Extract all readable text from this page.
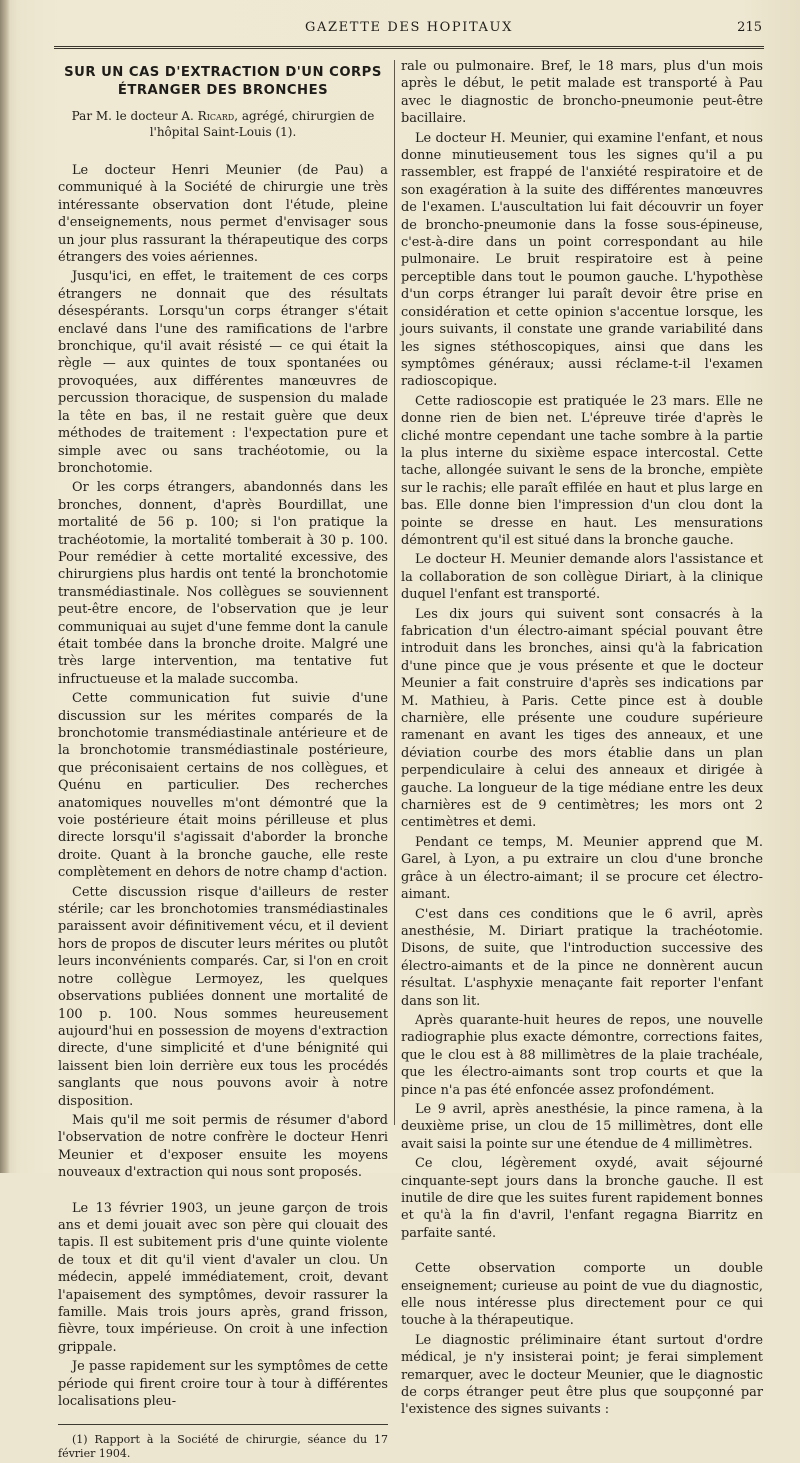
GAZETTE DES HOPITAUX	215
SUR UN CAS D'EXTRACTION D'UN CORPS ÉTRANGER DES BRONCHES
Par M. le docteur A. Ricard, agrégé, chirurgien de l'hôpital Saint-Louis (1).

Le docteur Henri Meunier (de Pau) a communiqué à la Société de chirurgie une très intéressante observation dont l'étude, pleine d'enseignements, nous permet d'envisager sous un jour plus rassurant la thérapeutique des corps étrangers des voies aériennes.

Jusqu'ici, en effet, le traitement de ces corps étrangers ne donnait que des résultats désespérants. Lorsqu'un corps étranger s'était enclavé dans l'une des ramifications de l'arbre bronchique, qu'il avait résisté — ce qui était la règle — aux quintes de toux spontanées ou provoquées, aux différentes manœuvres de percussion thoracique, de suspension du malade la tête en bas, il ne restait guère que deux méthodes de traitement : l'expectation pure et simple avec ou sans trachéotomie, ou la bronchotomie.

Or les corps étrangers, abandonnés dans les bronches, donnent, d'après Bourdillat, une mortalité de 56 p. 100; si l'on pratique la trachéotomie, la mortalité tomberait à 30 p. 100. Pour remédier à cette mortalité excessive, des chirurgiens plus hardis ont tenté la bronchotomie transmédiastinale. Nos collègues se souviennent peut-être encore, de l'observation que je leur communiquai au sujet d'une femme dont la canule était tombée dans la bronche droite. Malgré une très large intervention, ma tentative fut infructueuse et la malade succomba.

Cette communication fut suivie d'une discussion sur les mérites comparés de la bronchotomie transmédiastinale antérieure et de la bronchotomie transmédiastinale postérieure, que préconisaient certains de nos collègues, et Quénu en particulier. Des recherches anatomiques nouvelles m'ont démontré que la voie postérieure était moins périlleuse et plus directe lorsqu'il s'agissait d'aborder la bronche droite. Quant à la bronche gauche, elle reste complètement en dehors de notre champ d'action.

Cette discussion risque d'ailleurs de rester stérile; car les bronchotomies transmédiastinales paraissent avoir définitivement vécu, et il devient hors de propos de discuter leurs mérites ou plutôt leurs inconvénients comparés. Car, si l'on en croit notre collègue Lermoyez, les quelques observations publiées donnent une mortalité de 100 p. 100. Nous sommes heureusement aujourd'hui en possession de moyens d'extraction directe, d'une simplicité et d'une bénignité qui laissent bien loin derrière eux tous les procédés sanglants que nous pouvons avoir à notre disposition.

Mais qu'il me soit permis de résumer d'abord l'observation de notre confrère le docteur Henri Meunier et d'exposer ensuite les moyens nouveaux d'extraction qui nous sont proposés.

Le 13 février 1903, un jeune garçon de trois ans et demi jouait avec son père qui clouait des tapis. Il est subitement pris d'une quinte violente de toux et dit qu'il vient d'avaler un clou. Un médecin, appelé immédiatement, croit, devant l'apaisement des symptômes, devoir rassurer la famille. Mais trois jours après, grand frisson, fièvre, toux impérieuse. On croit à une infection grippale.

Je passe rapidement sur les symptômes de cette période qui firent croire tour à tour à différentes localisations pleu-

(1) Rapport à la Société de chirurgie, séance du 17 février 1904.

rale ou pulmonaire. Bref, le 18 mars, plus d'un mois après le début, le petit malade est transporté à Pau avec le diagnostic de broncho-pneumonie peut-être bacillaire.

Le docteur H. Meunier, qui examine l'enfant, et nous donne minutieusement tous les signes qu'il a pu rassembler, est frappé de l'anxiété respiratoire et de son exagération à la suite des différentes manœuvres de l'examen. L'auscultation lui fait découvrir un foyer de broncho-pneumonie dans la fosse sous-épineuse, c'est-à-dire dans un point correspondant au hile pulmonaire. Le bruit respiratoire est à peine perceptible dans tout le poumon gauche. L'hypothèse d'un corps étranger lui paraît devoir être prise en considération et cette opinion s'accentue lorsque, les jours suivants, il constate une grande variabilité dans les signes stéthoscopiques, ainsi que dans les symptômes généraux; aussi réclame-t-il l'examen radioscopique.

Cette radioscopie est pratiquée le 23 mars. Elle ne donne rien de bien net. L'épreuve tirée d'après le cliché montre cependant une tache sombre à la partie la plus interne du sixième espace intercostal. Cette tache, allongée suivant le sens de la bronche, empiète sur le rachis; elle paraît effilée en haut et plus large en bas. Elle donne bien l'impression d'un clou dont la pointe se dresse en haut. Les mensurations démontrent qu'il est situé dans la bronche gauche.

Le docteur H. Meunier demande alors l'assistance et la collaboration de son collègue Diriart, à la clinique duquel l'enfant est transporté.

Les dix jours qui suivent sont consacrés à la fabrication d'un électro-aimant spécial pouvant être introduit dans les bronches, ainsi qu'à la fabrication d'une pince que je vous présente et que le docteur Meunier a fait construire d'après ses indications par M. Mathieu, à Paris. Cette pince est à double charnière, elle présente une coudure supérieure ramenant en avant les tiges des anneaux, et une déviation courbe des mors établie dans un plan perpendiculaire à celui des anneaux et dirigée à gauche. La longueur de la tige médiane entre les deux charnières est de 9 centimètres; les mors ont 2 centimètres et demi.

Pendant ce temps, M. Meunier apprend que M. Garel, à Lyon, a pu extraire un clou d'une bronche grâce à un électro-aimant; il se procure cet électro-aimant.

C'est dans ces conditions que le 6 avril, après anesthésie, M. Diriart pratique la trachéotomie. Disons, de suite, que l'introduction successive des électro-aimants et de la pince ne donnèrent aucun résultat. L'asphyxie menaçante fait reporter l'enfant dans son lit.

Après quarante-huit heures de repos, une nouvelle radiographie plus exacte démontre, corrections faites, que le clou est à 88 millimètres de la plaie trachéale, que les électro-aimants sont trop courts et que la pince n'a pas été enfoncée assez profondément.

Le 9 avril, après anesthésie, la pince ramena, à la deuxième prise, un clou de 15 millimètres, dont elle avait saisi la pointe sur une étendue de 4 millimètres.

Ce clou, légèrement oxydé, avait séjourné cinquante-sept jours dans la bronche gauche. Il est inutile de dire que les suites furent rapidement bonnes et qu'à la fin d'avril, l'enfant regagna Biarritz en parfaite santé.

Cette observation comporte un double enseignement; curieuse au point de vue du diagnostic, elle nous intéresse plus directement pour ce qui touche à la thérapeutique.

Le diagnostic préliminaire étant surtout d'ordre médical, je n'y insisterai point; je ferai simplement remarquer, avec le docteur Meunier, que le diagnostic de corps étranger peut être plus que soupçonné par l'existence des signes suivants :
